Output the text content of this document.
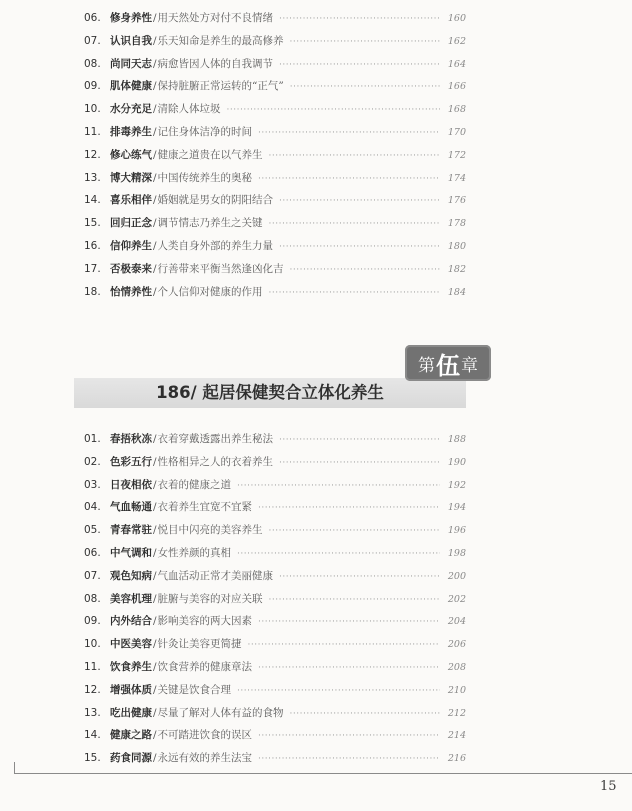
06. 修身养性 / 用天然处方对付不良情绪 ·····	160
07. 认识自我 / 乐天知命是养生的最高修养 ·····	162
08. 尚同天志 / 病愈皆因人体的自我调节 ·····	164
09. 肌体健康 / 保持脏腑正常运转的“正气” ·····	166
10. 水分充足 / 清除人体垃圾 ·····	168
11. 排毒养生 / 记住身体洁净的时间 ·····	170
12. 修心练气 / 健康之道贵在以气养生 ·····	172
13. 博大精深 / 中国传统养生的奥秘 ·····	174
14. 喜乐相伴 / 婚姻就是男女的阴阳结合 ·····	176
15. 回归正念 / 调节情志乃养生之关键 ·····	178
16. 信仰养生 / 人类自身外部的养生力量 ·····	180
17. 否极泰来 / 行善带来平衡当然逢凶化吉 ·····	182
18. 怡情养性 / 个人信仰对健康的作用 ·····	184
186/ 起居保健契合立体化养生
第 伍 章
01. 春捂秋冻 / 衣着穿戴透露出养生秘法 ·····	188
02. 色彩五行 / 性格相异之人的衣着养生 ·····	190
03. 日夜相依 / 衣着的健康之道 ·····	192
04. 气血畅通 / 衣着养生宜宽不宜紧 ·····	194
05. 青春常驻 / 悦目中闪亮的美容养生 ·····	196
06. 中气调和 / 女性养颜的真相 ·····	198
07. 观色知病 / 气血活动正常才美丽健康 ·····	200
08. 美容机理 / 脏腑与美容的对应关联 ·····	202
09. 内外结合 / 影响美容的两大因素 ·····	204
10. 中医美容 / 针灸让美容更简捷 ·····	206
11. 饮食养生 / 饮食营养的健康章法 ·····	208
12. 增强体质 / 关键是饮食合理 ·····	210
13. 吃出健康 / 尽量了解对人体有益的食物 ·····	212
14. 健康之路 / 不可踏进饮食的误区 ·····	214
15. 药食同源 / 永远有效的养生法宝 ·····	216
15
